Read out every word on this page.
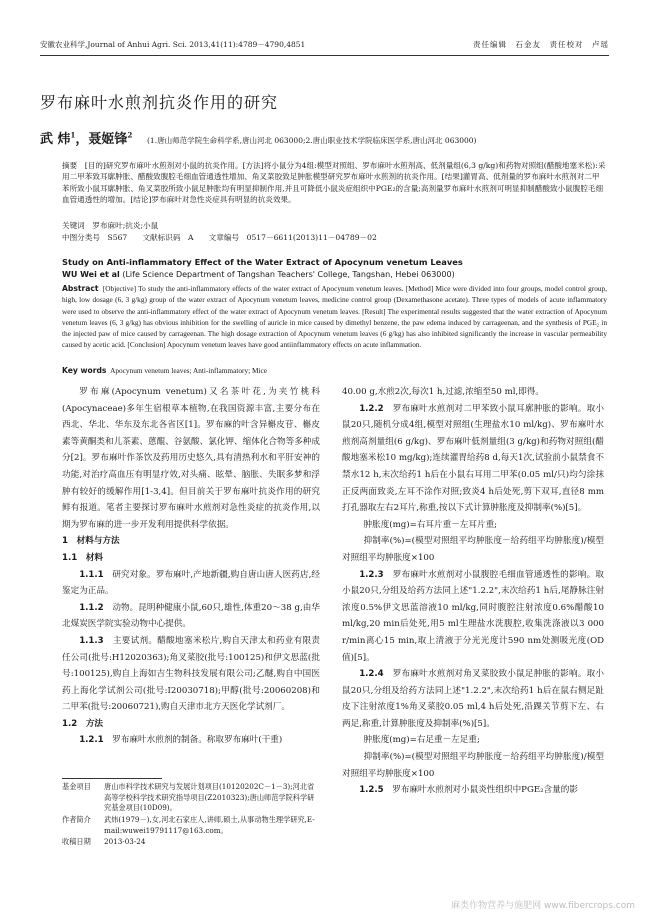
安徽农业科学,Journal of Anhui Agri. Sci. 2013,41(11):4789－4790,4851	责任编辑　石金友　责任校对　卢瑶
罗布麻叶水煎剂抗炎作用的研究
武 炜$^1$，聂姬锋$^2$
(1.唐山师范学院生命科学系,唐山河北 063000;2.唐山职业技术学院临床医学系,唐山河北 063000)
摘要　[目的]研究罗布麻叶水煎剂对小鼠的抗炎作用。[方法]将小鼠分为4组:模型对照组、罗布麻叶水煎剂高、低剂量组(6,3 g/kg)和药物对照组(醋酸地塞米松):采用二甲苯致耳廓肿胀、醋酸致腹腔毛细血管通透性增加、角叉菜胶致足肿胀模型研究罗布麻叶水煎剂的抗炎作用。[结果]灌胃高、低剂量的罗布麻叶水煎剂对二甲苯所致小鼠耳廓肿胀、角叉菜胶所致小鼠足肿胀均有明显抑制作用,并且可降低小鼠炎症组织中PGE₂的含量;高剂量罗布麻叶水煎剂可明显抑制醋酸致小鼠腹腔毛细血管通透性的增加。[结论]罗布麻叶对急性炎症具有明显的抗炎效果。
关键词　罗布麻叶;抗炎;小鼠
中图分类号　S567　　文献标识码　A　　文章编号　0517－6611(2013)11－04789－02
Study on Anti-inflammatory Effect of the Water Extract of Apocynum venetum Leaves
WU Wei et al (Life Science Department of Tangshan Teachers' College, Tangshan, Hebei 063000)
Abstract [Objective] To study the anti-inflammatory effects of the water extract of Apocynum venetum leaves. [Method] Mice were divided into four groups, model control group, high, low dosage (6, 3 g/kg) group of the water extract of Apocynum venetum leaves, medicine control group (Dexamethasone acetate). Three types of models of acute inflammatory were used to observe the anti-inflammatory effect of the water extract of Apocynum venetum leaves. [Result] The experimental results suggested that the water extraction of Apocynum venetum leaves (6, 3 g/kg) has obvious inhibition for the swelling of auricle in mice caused by dimethyl benzene, the paw edema induced by carrageenan, and the synthesis of PGE₂ in the injected paw of mice caused by carrageenan. The high dosage extraction of Apocynum venetum leaves (6 g/kg) has also inhibited significantly the increase in vascular permeability caused by acetic acid. [Conclusion] Apocynum venetum leaves have good antiinflammatory effects on acute inflammation.
Key words Apocynum venetum leaves; Anti-inflammatory; Mice

罗布麻(Apocynum venetum)又名茶叶花,为夹竹桃科(Apocynaceae)多年生宿根草本植物,在我国资源丰富,主要分布在西北、华北、华东及东北各省区[1]。罗布麻的叶含异槲皮苷、槲皮素等黄酮类和儿茶素、蒽醌、谷氨酸、氯化钾、缩体化合物等多种成分[2]。罗布麻叶作茶饮及药用历史悠久,具有清热利水和平肝安神的功能,对治疗高血压有明显疗效,对头痛、眩晕、脑胀、失眠多梦和浮肿有较好的缓解作用[1-3,4]。但目前关于罗布麻叶抗炎作用的研究鲜有报道。笔者主要探讨罗布麻叶水煎剂对急性炎症的抗炎作用,以期为罗布麻的进一步开发利用提供科学依据。

1　材料与方法

1.1　材料

1.1.1　 研究对象。罗布麻叶,产地新疆,购自唐山唐人医药店,经鉴定为正品。

1.1.2　 动物。昆明种健康小鼠,60只,雄性,体重20～38 g,由华北煤炭医学院实验动物中心提供。

1.1.3　 主要试剂。醋酸地塞米松片,购自天津太和药业有限责任公司(批号:H12020363);角叉菜胶(批号:100125)和伊文思蓝(批号:100125),购自上海如吉生物科技发展有限公司;乙醚,购自中国医药上海化学试剂公司(批号:I20030718);甲醇(批号:20060208)和二甲苯(批号:20060721),购自天津市北方天医化学试剂厂。

1.2　方法

1.2.1　 罗布麻叶水煎剂的制备。称取罗布麻叶(干重)

40.00 g,水煎2次,每次1 h,过滤,浓缩至50 ml,即得。

1.2.2　 罗布麻叶水煎剂对二甲苯致小鼠耳廓肿胀的影响。取小鼠20只,随机分成4组,模型对照组(生理盐水10 ml/kg)、罗布麻叶水煎剂高剂量组(6 g/kg)、罗布麻叶低剂量组(3 g/kg)和药物对照组(醋酸地塞米松10 mg/kg);连续灌胃给药8 d,每天1次,试验前小鼠禁食不禁水12 h,末次给药1 h后在小鼠右耳用二甲苯(0.05 ml/只)均匀涂抹正反两面致炎,左耳不涂作对照;致炎4 h后处死,剪下双耳,直径8 mm打孔器取左右2耳片,称重,按以下式计算肿胀度及抑制率(%)[5]。

肿胀度(mg)=右耳片重－左耳片重;

抑制率(%)=(模型对照组平均肿胀度－给药组平均肿胀度)/模型对照组平均肿胀度×100

1.2.3　 罗布麻叶水煎剂对小鼠腹腔毛细血管通透性的影响。取小鼠20只,分组及给药方法同上述"1.2.2",末次给药1 h后,尾静脉注射浓度0.5%伊文思蓝溶液10 ml/kg,同时腹腔注射浓度0.6%醋酸10 ml/kg,20 min后处死,用5 ml生理盐水洗腹腔,收集洗涤液以3 000 r/min离心15 min,取上清液于分光光度计590 nm处测吸光度(OD值)[5]。

1.2.4　 罗布麻叶水煎剂对角叉菜胶致小鼠足肿胀的影响。取小鼠20只,分组及给药方法同上述"1.2.2",末次给药1 h后在鼠右侧足趾皮下注射浓度1%角叉菜胶0.05 ml,4 h后处死,沿踝关节剪下左、右两足,称重,计算肿胀度及抑制率(%)[5]。

肿胀度(mg)=右足重－左足重;

抑制率(%)=(模型对照组平均肿胀度－给药组平均肿胀度)/模型对照组平均肿胀度×100

1.2.5　 罗布麻叶水煎剂对小鼠炎性组织中PGE₂含量的影

基金项目 唐山市科学技术研究与发展计划项目(10120202C－1－3);河北省高等学校科学技术研究指导项目(Z2010323);唐山师范学院科学研究基金项目(10D09)。
作者简介 武炜(1979－),女,河北石家庄人,讲师,硕士,从事动物生理学研究,E-mail:wuwei19791117@163.com。
收稿日期 2013-03-24
麻类作物营养与施肥网 www.fibercrops.com
